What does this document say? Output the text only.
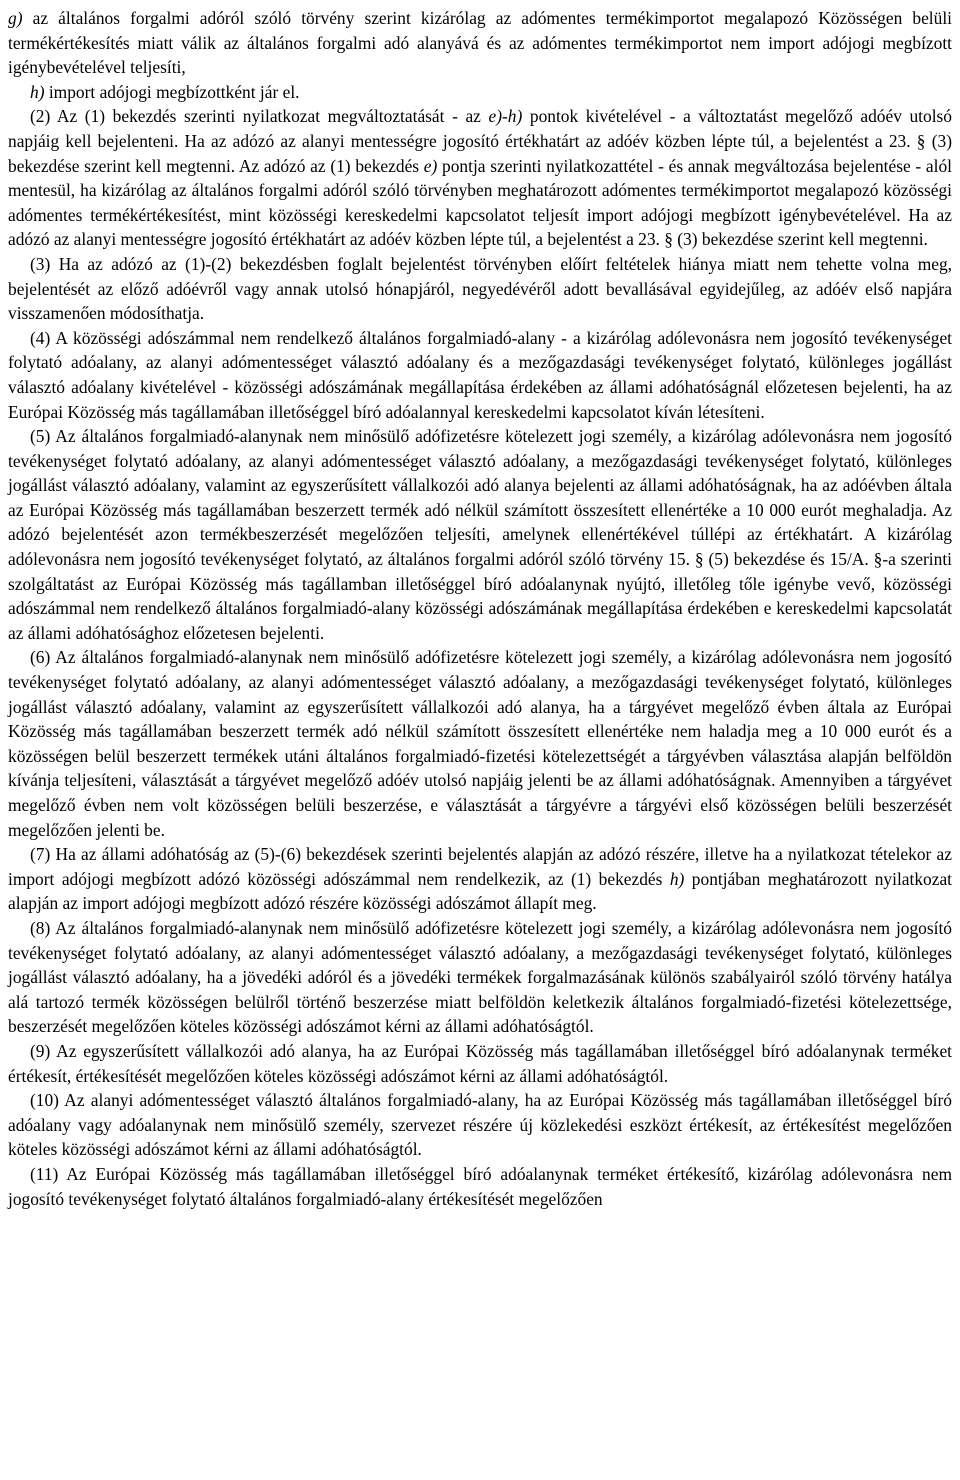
g) az általános forgalmi adóról szóló törvény szerint kizárólag az adómentes termékimportot megalapozó Közösségen belüli termékértékesítés miatt válik az általános forgalmi adó alanyává és az adómentes termékimportot nem import adójogi megbízott igénybevételével teljesíti,

h) import adójogi megbízottként jár el.

(2) Az (1) bekezdés szerinti nyilatkozat megváltoztatását - az e)-h) pontok kivételével - a változtatást megelőző adóév utolsó napjáig kell bejelenteni. Ha az adózó az alanyi mentességre jogosító értékhatárt az adóév közben lépte túl, a bejelentést a 23. § (3) bekezdése szerint kell megtenni. Az adózó az (1) bekezdés e) pontja szerinti nyilatkozattétel - és annak megváltozása bejelentése - alól mentesül, ha kizárólag az általános forgalmi adóról szóló törvényben meghatározott adómentes termékimportot megalapozó közösségi adómentes termékértékesítést, mint közösségi kereskedelmi kapcsolatot teljesít import adójogi megbízott igénybevételével. Ha az adózó az alanyi mentességre jogosító értékhatárt az adóév közben lépte túl, a bejelentést a 23. § (3) bekezdése szerint kell megtenni.

(3) Ha az adózó az (1)-(2) bekezdésben foglalt bejelentést törvényben előírt feltételek hiánya miatt nem tehette volna meg, bejelentését az előző adóévről vagy annak utolsó hónapjáról, negyedévéről adott bevallásával egyidejűleg, az adóév első napjára visszamenően módosíthatja.

(4) A közösségi adószámmal nem rendelkező általános forgalmiadó-alany - a kizárólag adólevonásra nem jogosító tevékenységet folytató adóalany, az alanyi adómentességet választó adóalany és a mezőgazdasági tevékenységet folytató, különleges jogállást választó adóalany kivételével - közösségi adószámának megállapítása érdekében az állami adóhatóságnál előzetesen bejelenti, ha az Európai Közösség más tagállamában illetőséggel bíró adóalannyal kereskedelmi kapcsolatot kíván létesíteni.

(5) Az általános forgalmiadó-alanynak nem minősülő adófizetésre kötelezett jogi személy, a kizárólag adólevonásra nem jogosító tevékenységet folytató adóalany, az alanyi adómentességet választó adóalany, a mezőgazdasági tevékenységet folytató, különleges jogállást választó adóalany, valamint az egyszerűsített vállalkozói adó alanya bejelenti az állami adóhatóságnak, ha az adóévben általa az Európai Közösség más tagállamában beszerzett termék adó nélkül számított összesített ellenértéke a 10 000 eurót meghaladja. Az adózó bejelentését azon termékbeszerzését megelőzően teljesíti, amelynek ellenértékével túllépi az értékhatárt. A kizárólag adólevonásra nem jogosító tevékenységet folytató, az általános forgalmi adóról szóló törvény 15. § (5) bekezdése és 15/A. §-a szerinti szolgáltatást az Európai Közösség más tagállamban illetőséggel bíró adóalanynak nyújtó, illetőleg tőle igénybe vevő, közösségi adószámmal nem rendelkező általános forgalmiadó-alany közösségi adószámának megállapítása érdekében e kereskedelmi kapcsolatát az állami adóhatósághoz előzetesen bejelenti.

(6) Az általános forgalmiadó-alanynak nem minősülő adófizetésre kötelezett jogi személy, a kizárólag adólevonásra nem jogosító tevékenységet folytató adóalany, az alanyi adómentességet választó adóalany, a mezőgazdasági tevékenységet folytató, különleges jogállást választó adóalany, valamint az egyszerűsített vállalkozói adó alanya, ha a tárgyévet megelőző évben általa az Európai Közösség más tagállamában beszerzett termék adó nélkül számított összesített ellenértéke nem haladja meg a 10 000 eurót és a közösségen belül beszerzett termékek utáni általános forgalmiadó-fizetési kötelezettségét a tárgyévben választása alapján belföldön kívánja teljesíteni, választását a tárgyévet megelőző adóév utolsó napjáig jelenti be az állami adóhatóságnak. Amennyiben a tárgyévet megelőző évben nem volt közösségen belüli beszerzése, e választását a tárgyévre a tárgyévi első közösségen belüli beszerzését megelőzően jelenti be.

(7) Ha az állami adóhatóság az (5)-(6) bekezdések szerinti bejelentés alapján az adózó részére, illetve ha a nyilatkozat tételekor az import adójogi megbízott adózó közösségi adószámmal nem rendelkezik, az (1) bekezdés h) pontjában meghatározott nyilatkozat alapján az import adójogi megbízott adózó részére közösségi adószámot állapít meg.

(8) Az általános forgalmiadó-alanynak nem minősülő adófizetésre kötelezett jogi személy, a kizárólag adólevonásra nem jogosító tevékenységet folytató adóalany, az alanyi adómentességet választó adóalany, a mezőgazdasági tevékenységet folytató, különleges jogállást választó adóalany, ha a jövedéki adóról és a jövedéki termékek forgalmazásának különös szabályairól szóló törvény hatálya alá tartozó termék közösségen belülről történő beszerzése miatt belföldön keletkezik általános forgalmiadó-fizetési kötelezettsége, beszerzését megelőzően köteles közösségi adószámot kérni az állami adóhatóságtól.

(9) Az egyszerűsített vállalkozói adó alanya, ha az Európai Közösség más tagállamában illetőséggel bíró adóalanynak terméket értékesít, értékesítését megelőzően köteles közösségi adószámot kérni az állami adóhatóságtól.

(10) Az alanyi adómentességet választó általános forgalmiadó-alany, ha az Európai Közösség más tagállamában illetőséggel bíró adóalany vagy adóalanynak nem minősülő személy, szervezet részére új közlekedési eszközt értékesít, az értékesítést megelőzően köteles közösségi adószámot kérni az állami adóhatóságtól.

(11) Az Európai Közösség más tagállamában illetőséggel bíró adóalanynak terméket értékesítő, kizárólag adólevonásra nem jogosító tevékenységet folytató általános forgalmiadó-alany értékesítését megelőzően
